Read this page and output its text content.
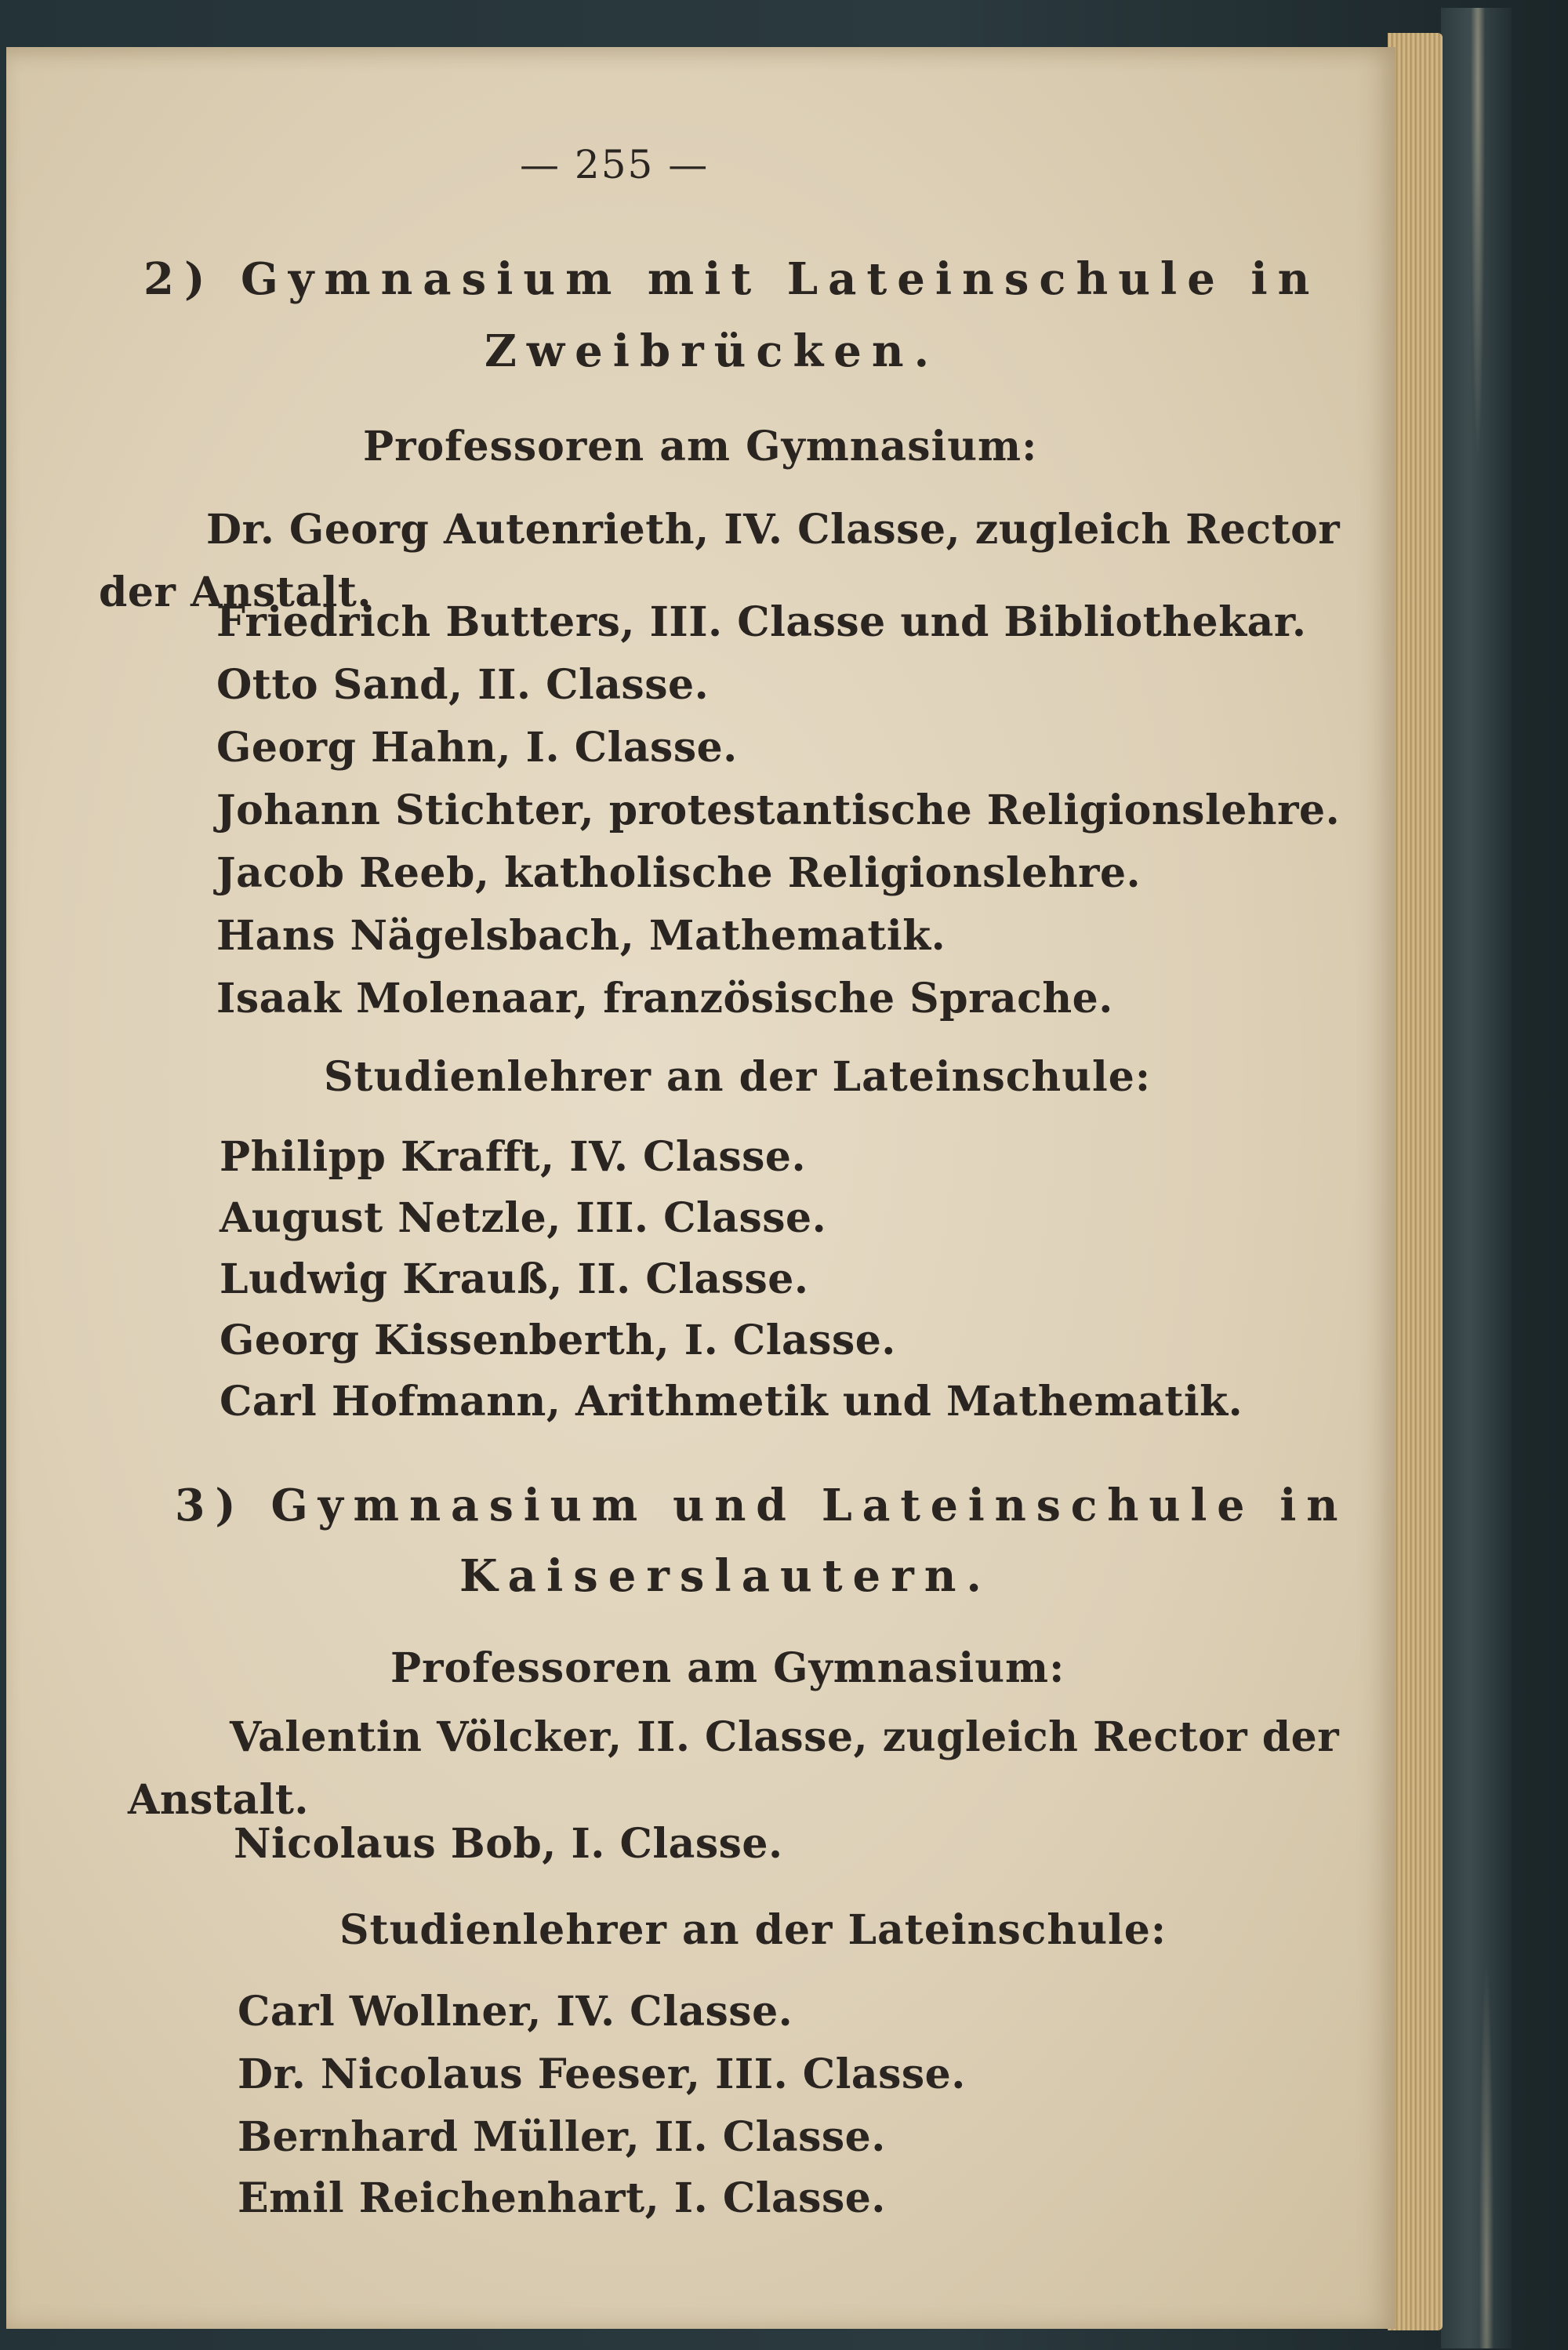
— 255 —
2) Gymnasium mit Lateinschule in
Zweibrücken.
Professoren am Gymnasium:
Dr. Georg Autenrieth, IV. Classe, zugleich Rector
der Anstalt.
Friedrich Butters, III. Classe und Bibliothekar.
Otto Sand, II. Classe.
Georg Hahn, I. Classe.
Johann Stichter, protestantische Religionslehre.
Jacob Reeb, katholische Religionslehre.
Hans Nägelsbach, Mathematik.
Isaak Molenaar, französische Sprache.
Studienlehrer an der Lateinschule:
Philipp Krafft, IV. Classe.
August Netzle, III. Classe.
Ludwig Krauß, II. Classe.
Georg Kissenberth, I. Classe.
Carl Hofmann, Arithmetik und Mathematik.
3) Gymnasium und Lateinschule in
Kaiserslautern.
Professoren am Gymnasium:
Valentin Völcker, II. Classe, zugleich Rector der
Anstalt.
Nicolaus Bob, I. Classe.
Studienlehrer an der Lateinschule:
Carl Wollner, IV. Classe.
Dr. Nicolaus Feeser, III. Classe.
Bernhard Müller, II. Classe.
Emil Reichenhart, I. Classe.
